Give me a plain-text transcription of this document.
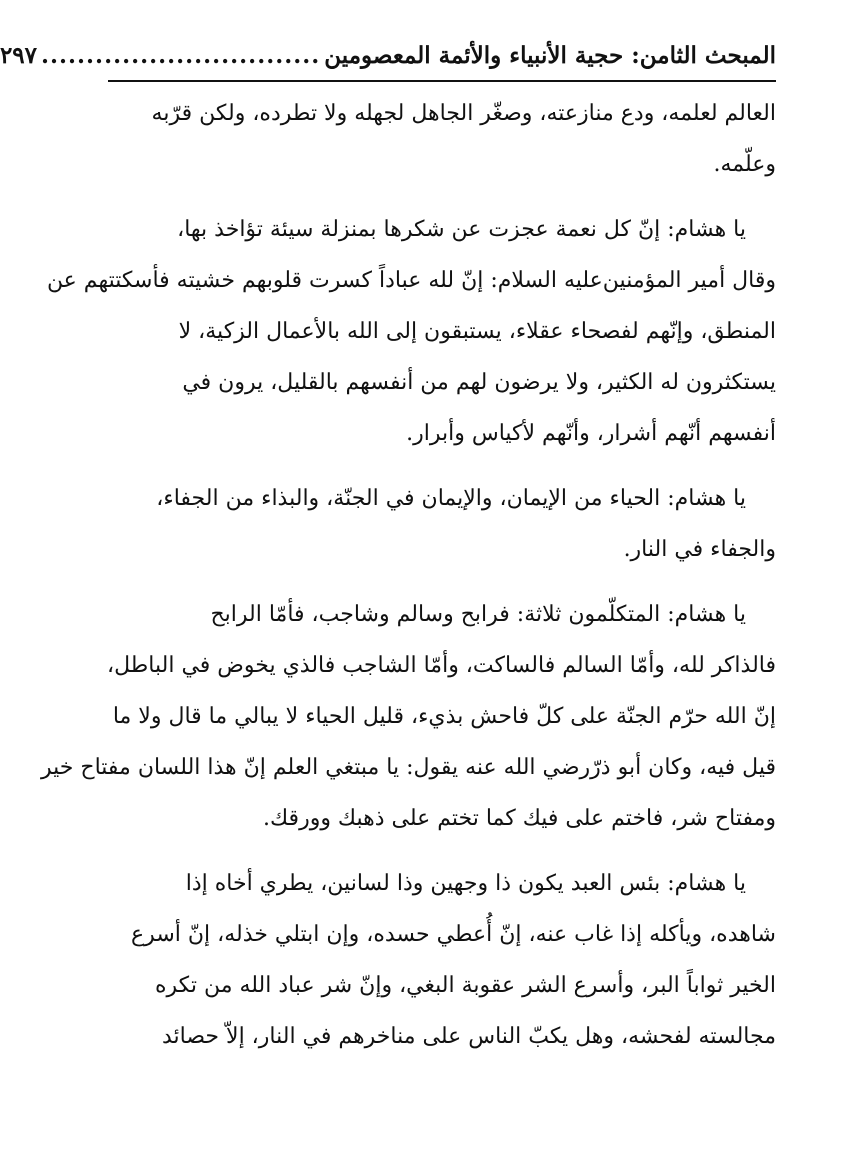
المبحث الثامن: حجية الأنبياء والأئمة المعصومين
...............................
٢٩٧
العالم لعلمه، ودع منازعته، وصغّر الجاهل لجهله ولا تطرده، ولكن قرّبه
وعلّمه.
يا هشام: إنّ كل نعمة عجزت عن شكرها بمنزلة سيئة تؤاخذ بها،
وقال أمير المؤمنين‌عليه السلام: إنّ لله عباداً كسرت قلوبهم خشيته فأسكتتهم عن
المنطق، وإنّهم لفصحاء عقلاء، يستبقون إلى الله بالأعمال الزكية، لا
يستكثرون له الكثير، ولا يرضون لهم من أنفسهم بالقليل، يرون في
أنفسهم أنّهم أشرار، وأنّهم لأكياس وأبرار.
يا هشام: الحياء من الإيمان، والإيمان في الجنّة، والبذاء من الجفاء،
والجفاء في النار.
يا هشام: المتكلّمون ثلاثة: فرابح وسالم وشاجب، فأمّا الرابح
فالذاكر لله، وأمّا السالم فالساكت، وأمّا الشاجب فالذي يخوض في الباطل،
إنّ الله حرّم الجنّة على كلّ فاحش بذيء، قليل الحياء لا يبالي ما قال ولا ما
قيل فيه، وكان أبو ذرّ‌رضي الله عنه يقول: يا مبتغي العلم إنّ هذا اللسان مفتاح خير
ومفتاح شر، فاختم على فيك كما تختم على ذهبك وورقك.
يا هشام: بئس العبد يكون ذا وجهين وذا لسانين، يطري أخاه إذا
شاهده، ويأكله إذا غاب عنه، إنّ أُعطي حسده، وإن ابتلي خذله، إنّ أسرع
الخير ثواباً البر، وأسرع الشر عقوبة البغي، وإنّ شر عباد الله من تكره
مجالسته لفحشه، وهل يكبّ الناس على مناخرهم في النار، إلاّ حصائد
